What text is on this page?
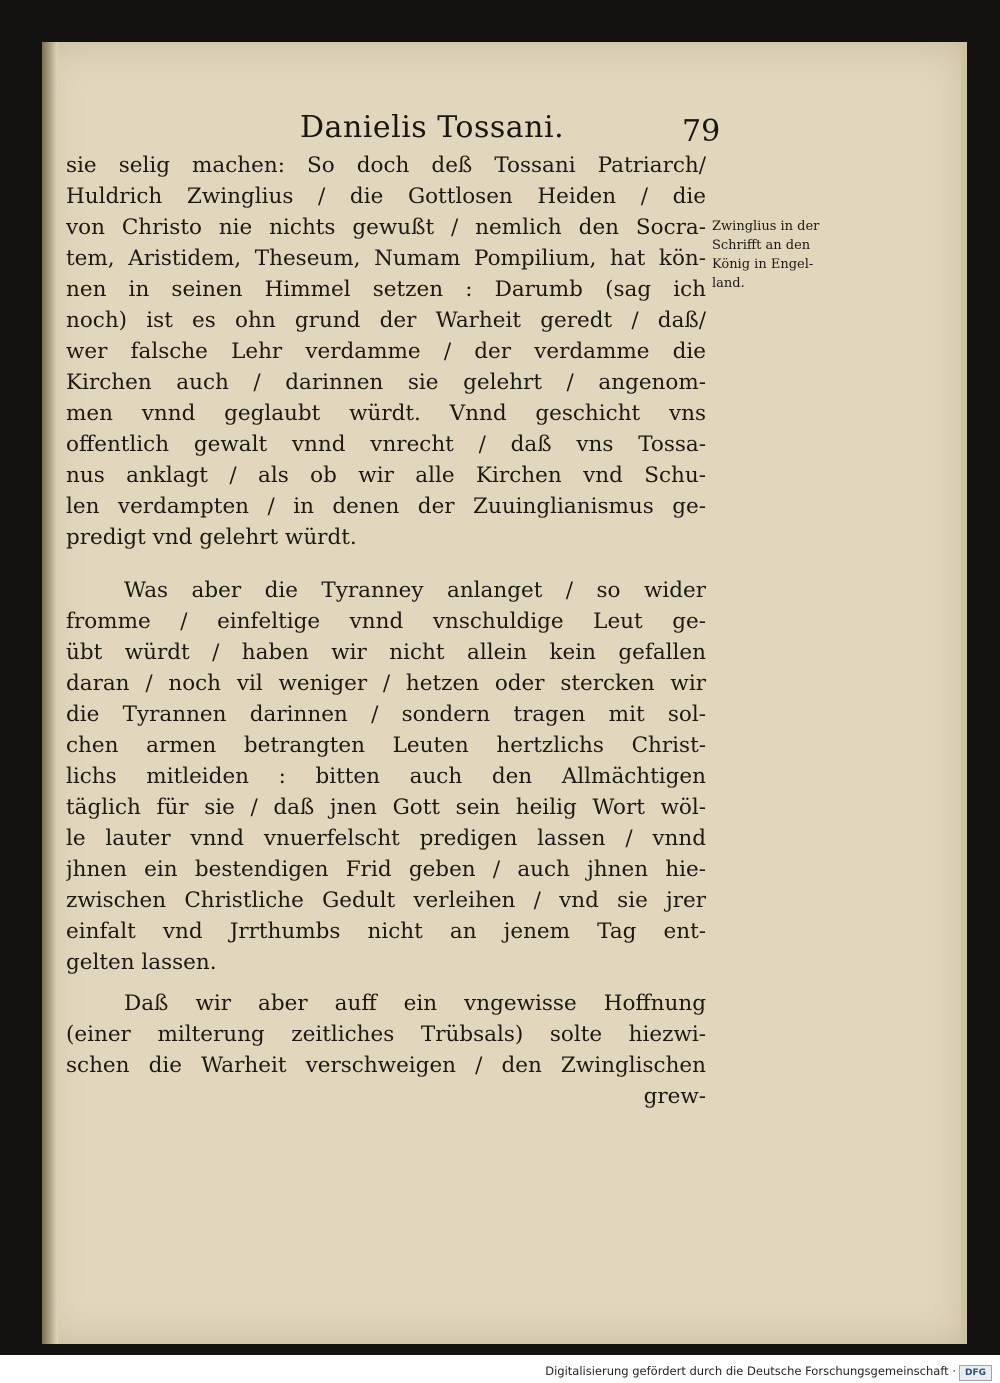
Danielis Tossani.	79
sie selig machen: So doch deß Tossani Patriarch/
Huldrich Zwinglius / die Gottlosen Heiden / die
von Christo nie nichts gewußt / nemlich den Socra-
tem, Aristidem, Theseum, Numam Pompilium, hat kön-
nen in seinen Himmel setzen : Darumb (sag ich
noch) ist es ohn grund der Warheit geredt / daß/
wer falsche Lehr verdamme / der verdamme die
Kirchen auch / darinnen sie gelehrt / angenom-
men vnnd geglaubt würdt. Vnnd geschicht vns
offentlich gewalt vnnd vnrecht / daß vns Tossa-
nus anklagt / als ob wir alle Kirchen vnd Schu-
len verdampten / in denen der Zuuinglianismus ge-
predigt vnd gelehrt würdt.
Was aber die Tyranney anlanget / so wider
fromme / einfeltige vnnd vnschuldige Leut ge-
übt würdt / haben wir nicht allein kein gefallen
daran / noch vil weniger / hetzen oder stercken wir
die Tyrannen darinnen / sondern tragen mit sol-
chen armen betrangten Leuten hertzlichs Christ-
lichs mitleiden : bitten auch den Allmächtigen
täglich für sie / daß jnen Gott sein heilig Wort wöl-
le lauter vnnd vnuerfelscht predigen lassen / vnnd
jhnen ein bestendigen Frid geben / auch jhnen hie-
zwischen Christliche Gedult verleihen / vnd sie jrer
einfalt vnd Jrrthumbs nicht an jenem Tag ent-
gelten lassen.
Daß wir aber auff ein vngewisse Hoffnung
(einer milterung zeitliches Trübsals) solte hiezwi-
schen die Warheit verschweigen / den Zwinglischen
grew-
Zwinglius in der
Schrifft an den
König in Engel-
land.
Digitalisierung gefördert durch die Deutsche Forschungsgemeinschaft · DFG
